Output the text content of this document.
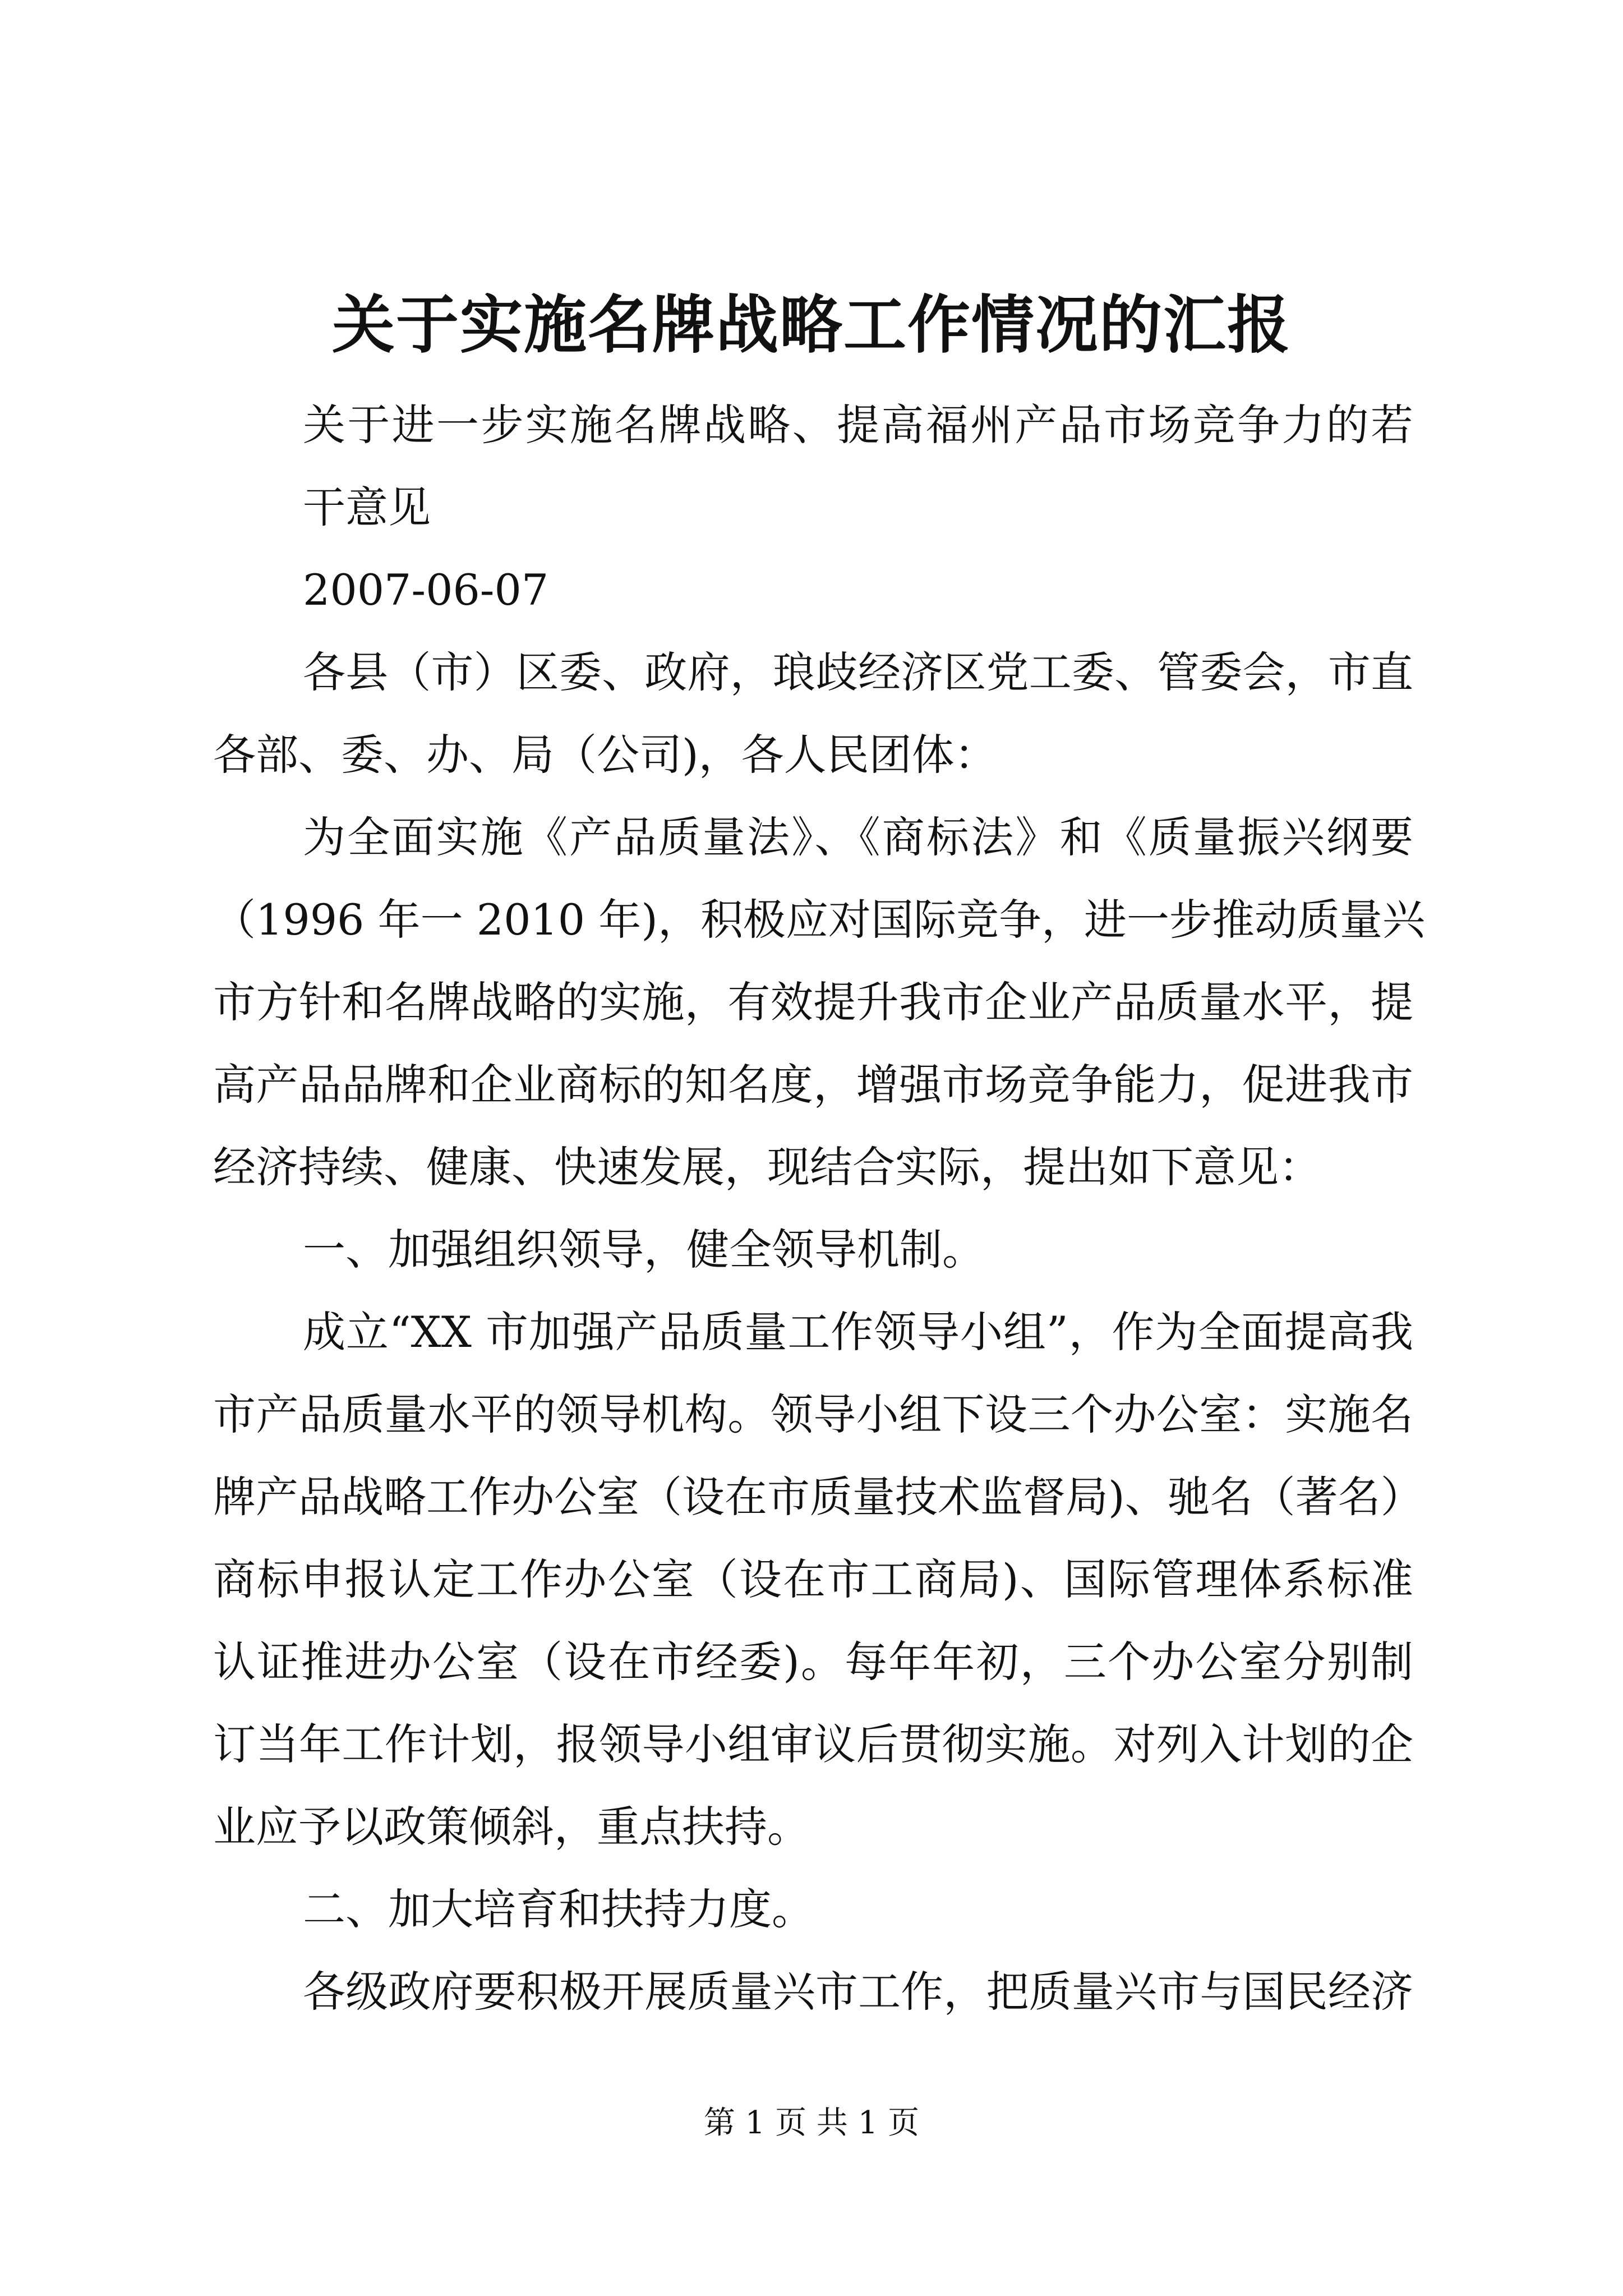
关于实施名牌战略工作情况的汇报
关于进一步实施名牌战略、提高福州产品市场竞争力的若
干意见
2007-06-07
各县（市）区委、政府，琅歧经济区党工委、管委会，市直
各部、委、办、局（公司)，各人民团体：
为全面实施《产品质量法》、《商标法》和《质量振兴纲要
（1996 年一 2010 年)，积极应对国际竞争，进一步推动质量兴
市方针和名牌战略的实施，有效提升我市企业产品质量水平，提
高产品品牌和企业商标的知名度，增强市场竞争能力，促进我市
经济持续、健康、快速发展，现结合实际，提出如下意见：
一、加强组织领导，健全领导机制。
成立“XX 市加强产品质量工作领导小组”，作为全面提高我
市产品质量水平的领导机构。领导小组下设三个办公室：实施名
牌产品战略工作办公室（设在市质量技术监督局)、驰名（著名）
商标申报认定工作办公室（设在市工商局)、国际管理体系标准
认证推进办公室（设在市经委)。每年年初，三个办公室分别制
订当年工作计划，报领导小组审议后贯彻实施。对列入计划的企
业应予以政策倾斜，重点扶持。
二、加大培育和扶持力度。
各级政府要积极开展质量兴市工作，把质量兴市与国民经济
第 1 页 共 1 页
